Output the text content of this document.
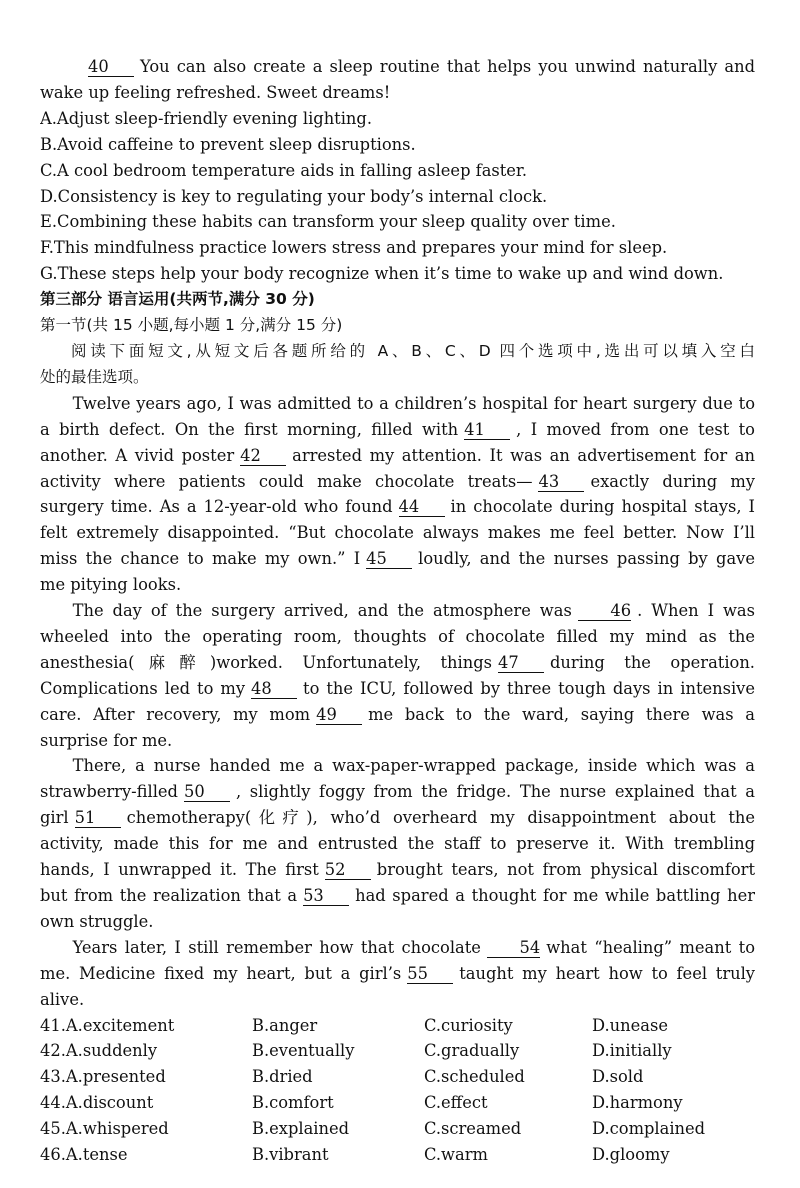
40 You can also create a sleep routine that helps you unwind naturally and
wake up feeling refreshed. Sweet dreams!
A.Adjust sleep-friendly evening lighting.
B.Avoid caffeine to prevent sleep disruptions.
C.A cool bedroom temperature aids in falling asleep faster.
D.Consistency is key to regulating your body’s internal clock.
E.Combining these habits can transform your sleep quality over time.
F.This mindfulness practice lowers stress and prepares your mind for sleep.
G.These steps help your body recognize when it’s time to wake up and wind down.
第三部分 语言运用(共两节,满分 30 分)
第一节(共 15 小题,每小题 1 分,满分 15 分)
阅读下面短文,从短文后各题所给的 A、B、C、D 四个选项中,选出可以填入空白
处的最佳选项。
Twelve years ago, I was admitted to a children’s hospital for heart surgery due to
a birth defect. On the first morning, filled with 41 , I moved from one test to
another. A vivid poster 42 arrested my attention. It was an advertisement for an
activity where patients could make chocolate treats— 43 exactly during my
surgery time. As a 12-year-old who found 44 in chocolate during hospital stays, I
felt extremely disappointed. “But chocolate always makes me feel better. Now I’ll
miss the chance to make my own.” I 45 loudly, and the nurses passing by gave
me pitying looks.
The day of the surgery arrived, and the atmosphere was 46 . When I was
wheeled into the operating room, thoughts of chocolate filled my mind as the
anesthesia(麻醉)worked. Unfortunately, things 47 during the operation.
Complications led to my 48 to the ICU, followed by three tough days in intensive
care. After recovery, my mom 49 me back to the ward, saying there was a
surprise for me.
There, a nurse handed me a wax-paper-wrapped package, inside which was a
strawberry-filled 50 , slightly foggy from the fridge. The nurse explained that a
girl 51 chemotherapy(化疗), who’d overheard my disappointment about the
activity, made this for me and entrusted the staff to preserve it. With trembling
hands, I unwrapped it. The first 52 brought tears, not from physical discomfort
but from the realization that a 53 had spared a thought for me while battling her
own struggle.
Years later, I still remember how that chocolate 54 what “healing” meant to
me. Medicine fixed my heart, but a girl’s 55 taught my heart how to feel truly
alive.
41.A.excitement	B.anger	C.curiosity	D.unease
42.A.suddenly	B.eventually	C.gradually	D.initially
43.A.presented	B.dried	C.scheduled	D.sold
44.A.discount	B.comfort	C.effect	D.harmony
45.A.whispered	B.explained	C.screamed	D.complained
46.A.tense	B.vibrant	C.warm	D.gloomy
